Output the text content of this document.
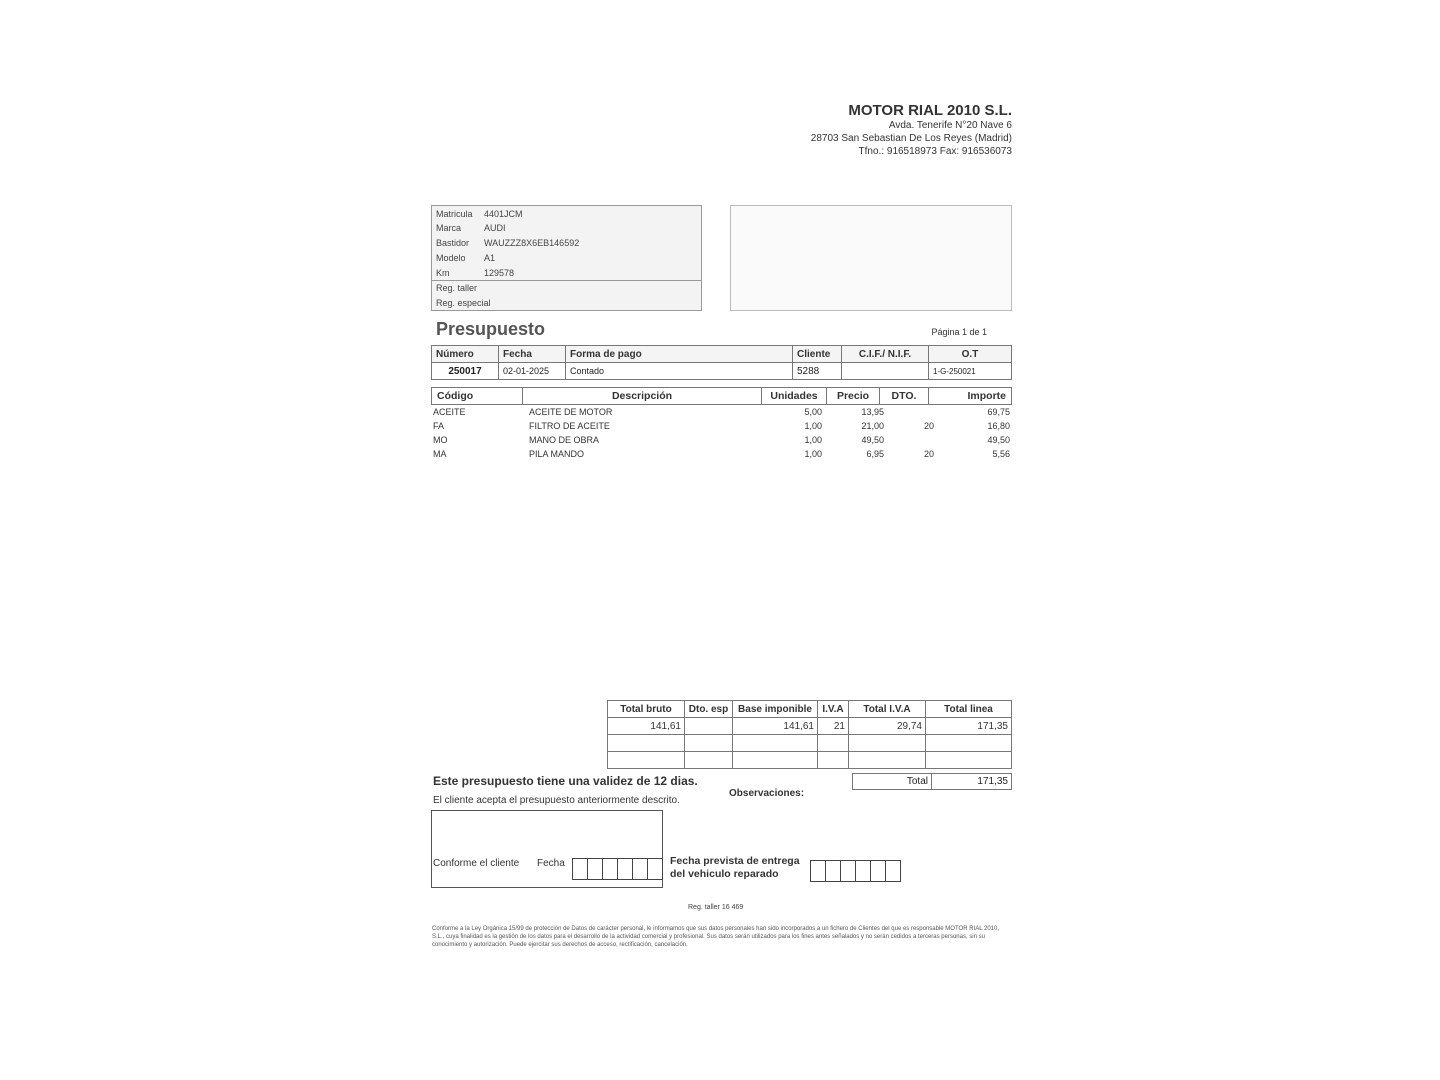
MOTOR RIAL 2010 S.L.
Avda. Tenerife N°20 Nave 6
28703 San Sebastian De Los Reyes (Madrid)
Tfno.: 916518973 Fax: 916536073
Matricula 4401JCM
Marca	AUDI
Bastidor WAUZZZ8X6EB146592
Modelo A1
Km	129578
Reg. taller
Reg. especial
Presupuesto	Página 1 de 1
Número	Fecha	Forma de pago	Cliente	C.I.F./ N.I.F.	O.T
250017	02-01-2025	Contado	5288		1-G-250021
Código	Descripción	Unidades	Precio	DTO.	Importe
ACEITE	ACEITE DE MOTOR	5,00	13,95		69,75
FA	FILTRO DE ACEITE	1,00	21,00	20	16,80
MO	MANO DE OBRA	1,00	49,50		49,50
MA	PILA MANDO	1,00	6,95	20	5,56
Total bruto	Dto. esp	Base imponible	I.V.A	Total I.V.A	Total linea
141,61		141,61	21	29,74	171,35

Total	171,35
Este presupuesto tiene una validez de 12 dias.
El cliente acepta el presupuesto anteriormente descrito.
Observaciones:
Conforme el cliente Fecha	Fecha prevista de entrega
del vehiculo reparado
Reg. taller 16 469
Conforme a la Ley Orgánica 15/99 de protección de Datos de carácter personal, le informamos que sus datos personales han sido incorporados a un fichero de Clientes del que es responsable MOTOR RIAL 2010, S.L., cuya finalidad es la gestión de los datos para el desarrollo de la actividad comercial y profesional. Sus datos serán utilizados para los fines antes señalados y no serán cedidos a terceras personas, sin su conocimiento y autorización. Puede ejercitar sus derechos de acceso, rectificación, cancelación.
